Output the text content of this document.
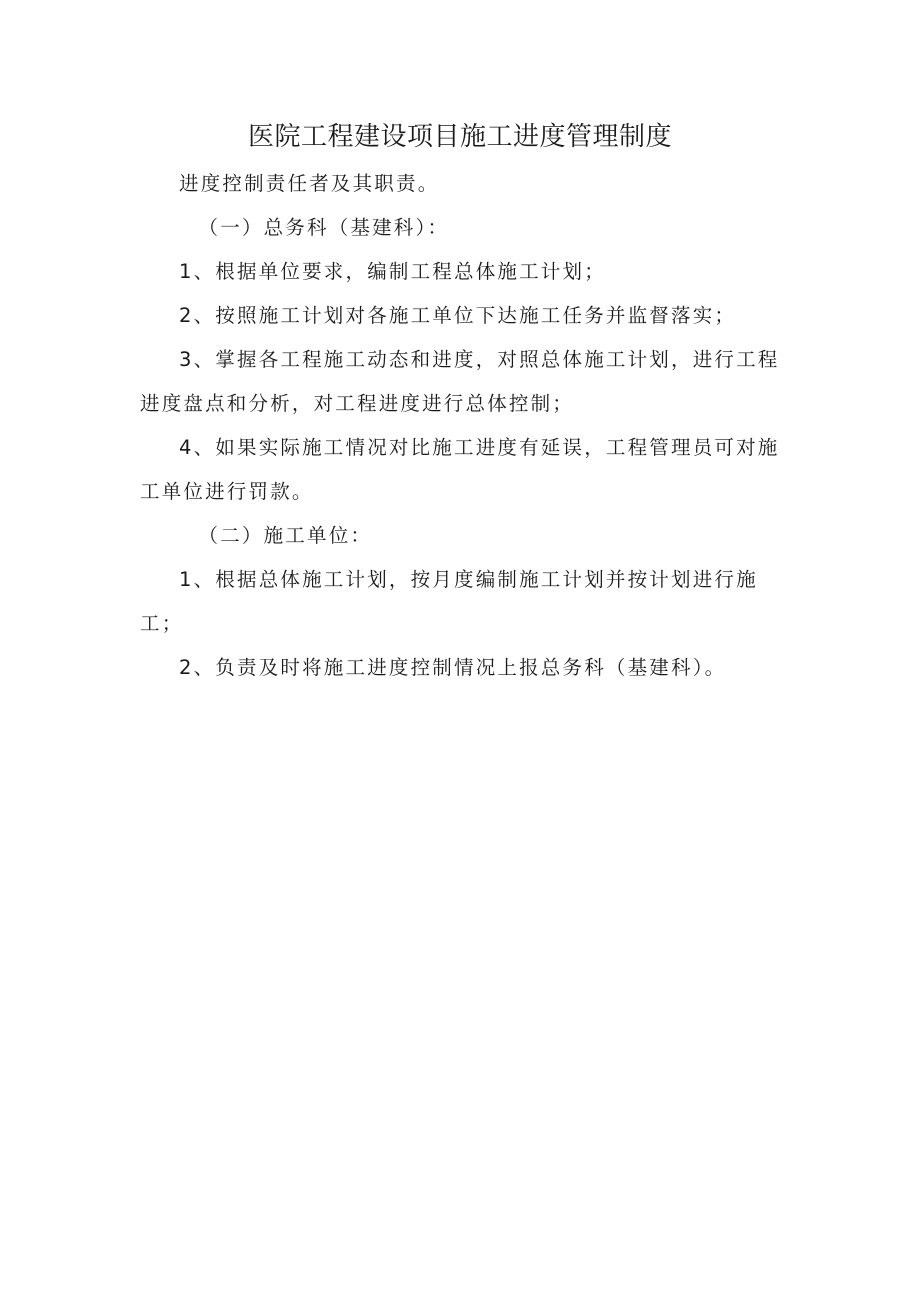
医院工程建设项目施工进度管理制度

进度控制责任者及其职责。

（一）总务科（基建科）：

1、根据单位要求，编制工程总体施工计划；

2、按照施工计划对各施工单位下达施工任务并监督落实；

3、掌握各工程施工动态和进度，对照总体施工计划，进行工程进度盘点和分析，对工程进度进行总体控制；

4、如果实际施工情况对比施工进度有延误，工程管理员可对施工单位进行罚款。

（二）施工单位：

1、根据总体施工计划，按月度编制施工计划并按计划进行施工；

2、负责及时将施工进度控制情况上报总务科（基建科）。
